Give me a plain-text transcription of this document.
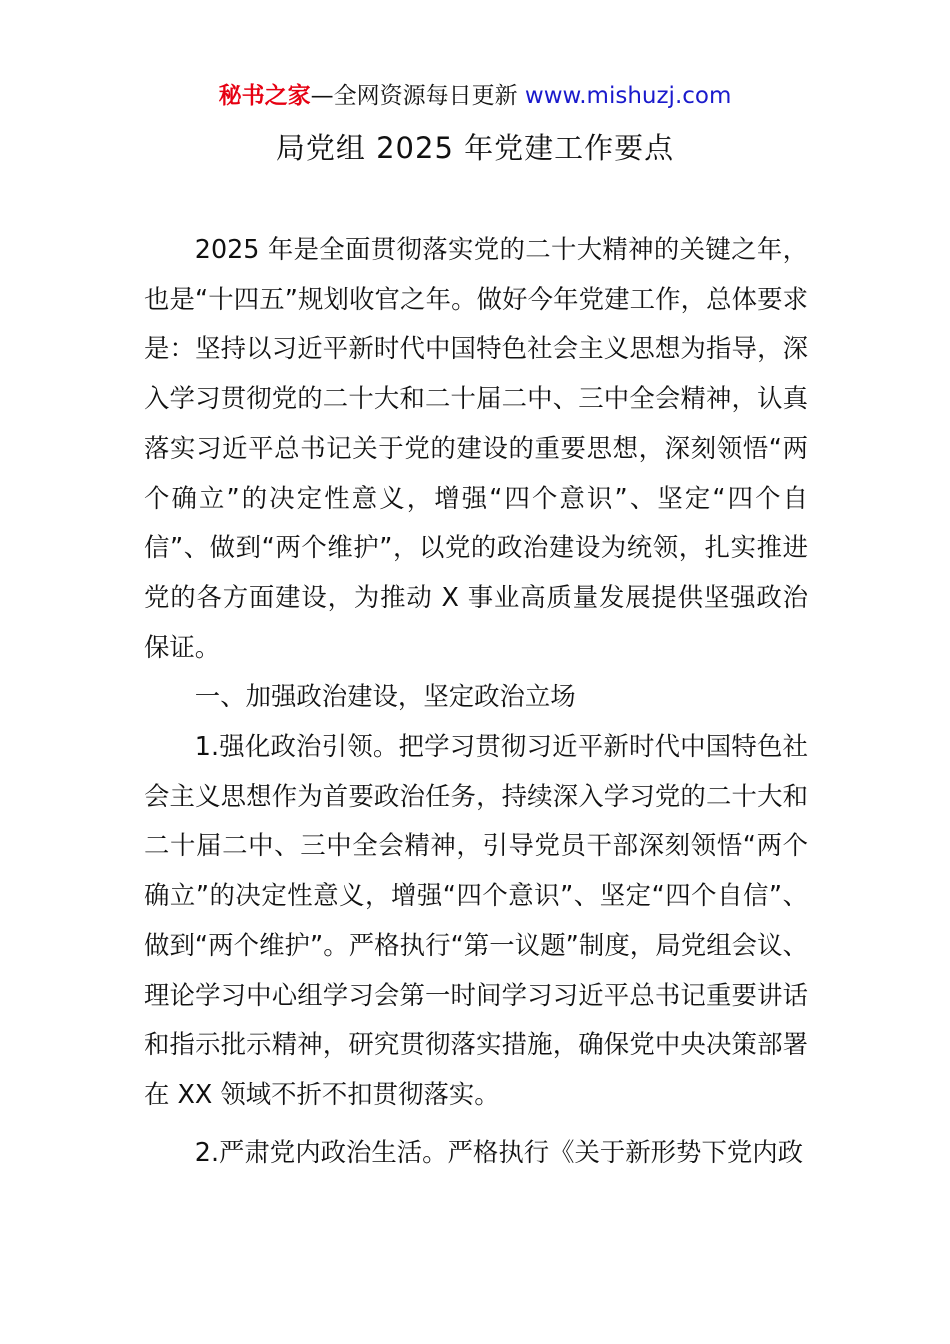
秘书之家—全网资源每日更新 www.mishuzj.com
局党组 2025 年党建工作要点

2025 年是全面贯彻落实党的二十大精神的关键之年，也是“十四五”规划收官之年。做好今年党建工作，总体要求是：坚持以习近平新时代中国特色社会主义思想为指导，深入学习贯彻党的二十大和二十届二中、三中全会精神，认真落实习近平总书记关于党的建设的重要思想，深刻领悟“两个确立”的决定性意义，增强“四个意识”、坚定“四个自信”、做到“两个维护”，以党的政治建设为统领，扎实推进党的各方面建设，为推动 X 事业高质量发展提供坚强政治保证。

一、加强政治建设，坚定政治立场

1.强化政治引领。把学习贯彻习近平新时代中国特色社会主义思想作为首要政治任务，持续深入学习党的二十大和二十届二中、三中全会精神，引导党员干部深刻领悟“两个确立”的决定性意义，增强“四个意识”、坚定“四个自信”、做到“两个维护”。严格执行“第一议题”制度，局党组会议、理论学习中心组学习会第一时间学习习近平总书记重要讲话和指示批示精神，研究贯彻落实措施，确保党中央决策部署在 XX 领域不折不扣贯彻落实。

2.严肃党内政治生活。严格执行《关于新形势下党内政
